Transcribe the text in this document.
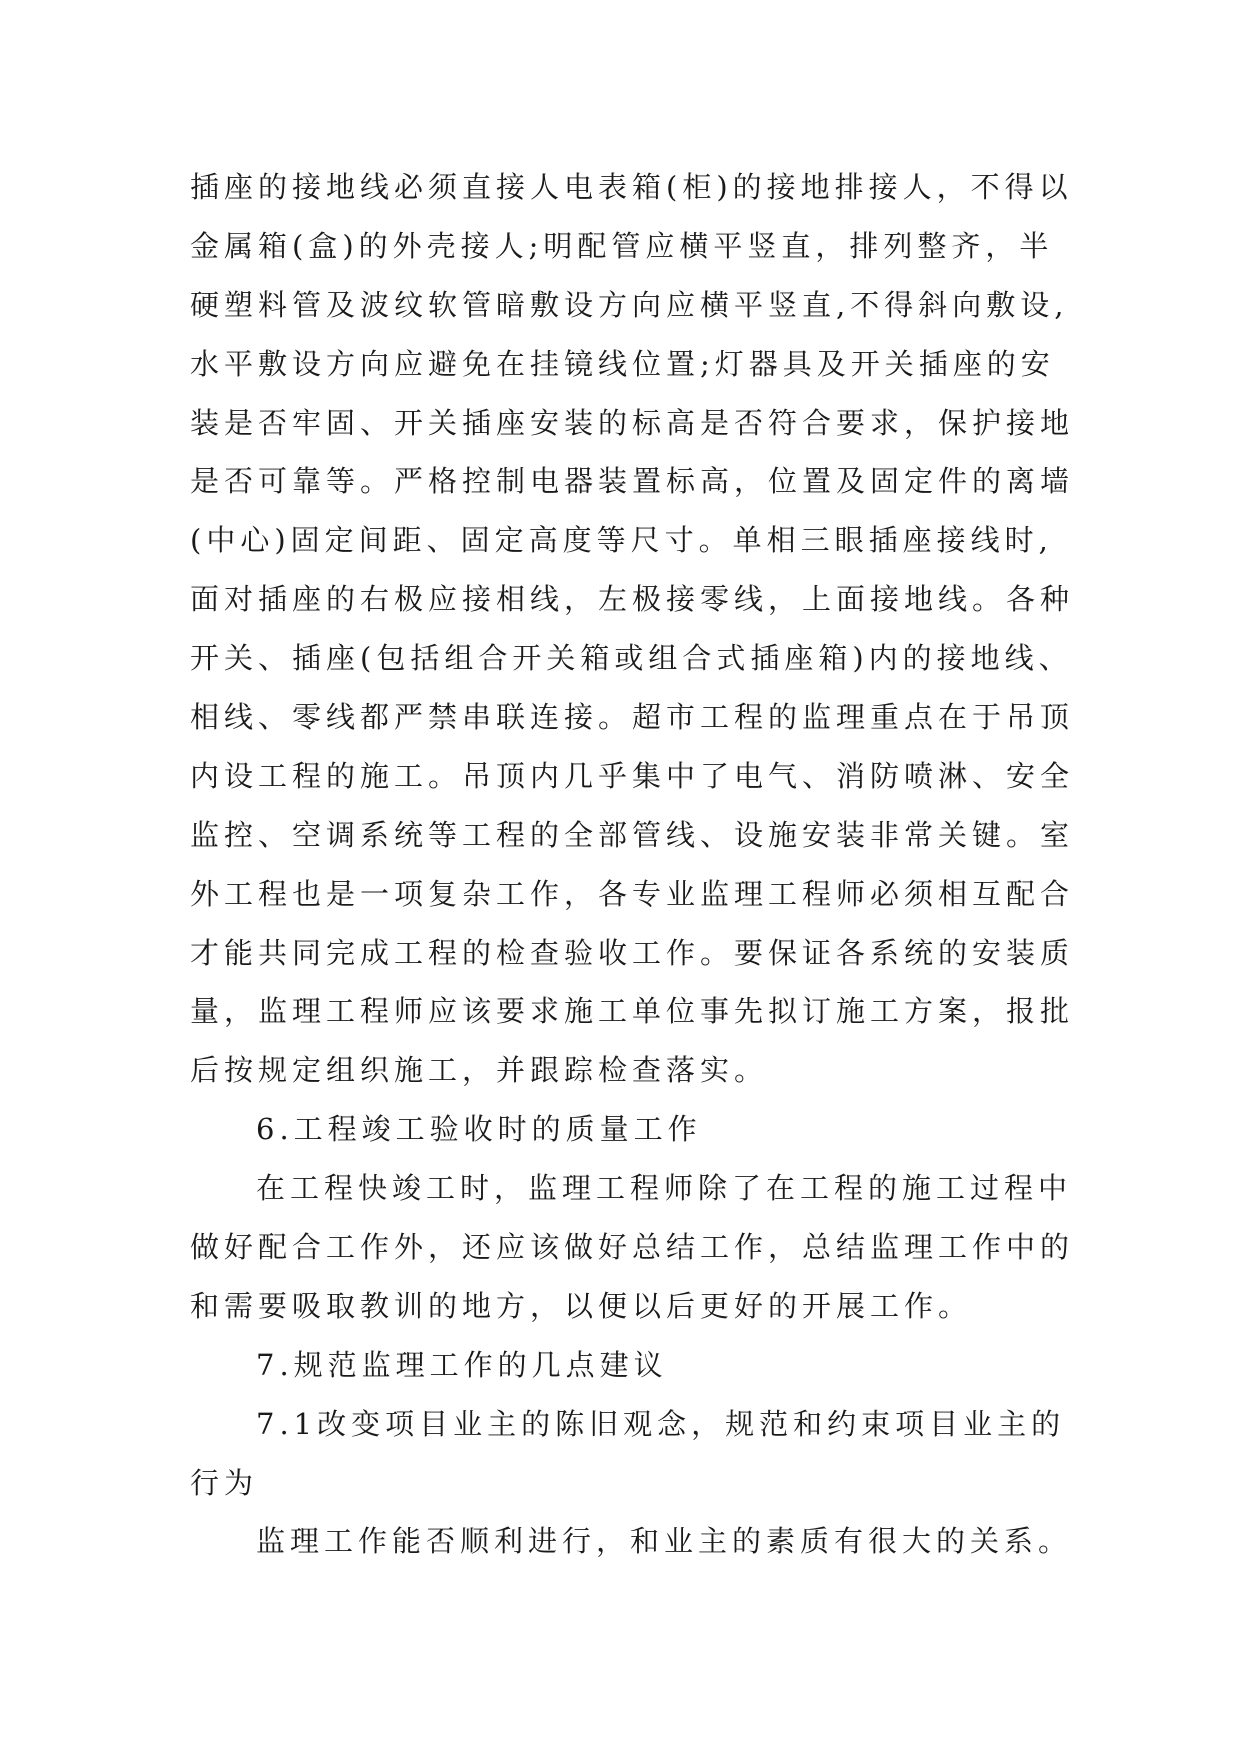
插座的接地线必须直接人电表箱(柜)的接地排接人，不得以
金属箱(盒)的外壳接人;明配管应横平竖直，排列整齐，半
硬塑料管及波纹软管暗敷设方向应横平竖直,不得斜向敷设,
水平敷设方向应避免在挂镜线位置;灯器具及开关插座的安
装是否牢固、开关插座安装的标高是否符合要求，保护接地
是否可靠等。严格控制电器装置标高，位置及固定件的离墙
(中心)固定间距、固定高度等尺寸。单相三眼插座接线时,
面对插座的右极应接相线，左极接零线，上面接地线。各种
开关、插座(包括组合开关箱或组合式插座箱)内的接地线、
相线、零线都严禁串联连接。超市工程的监理重点在于吊顶
内设工程的施工。吊顶内几乎集中了电气、消防喷淋、安全
监控、空调系统等工程的全部管线、设施安装非常关键。室
外工程也是一项复杂工作，各专业监理工程师必须相互配合
才能共同完成工程的检查验收工作。要保证各系统的安装质
量，监理工程师应该要求施工单位事先拟订施工方案，报批
后按规定组织施工，并跟踪检查落实。
6.工程竣工验收时的质量工作
在工程快竣工时，监理工程师除了在工程的施工过程中
做好配合工作外，还应该做好总结工作，总结监理工作中的
和需要吸取教训的地方，以便以后更好的开展工作。
7.规范监理工作的几点建议
7.1改变项目业主的陈旧观念，规范和约束项目业主的
行为
监理工作能否顺利进行，和业主的素质有很大的关系。
